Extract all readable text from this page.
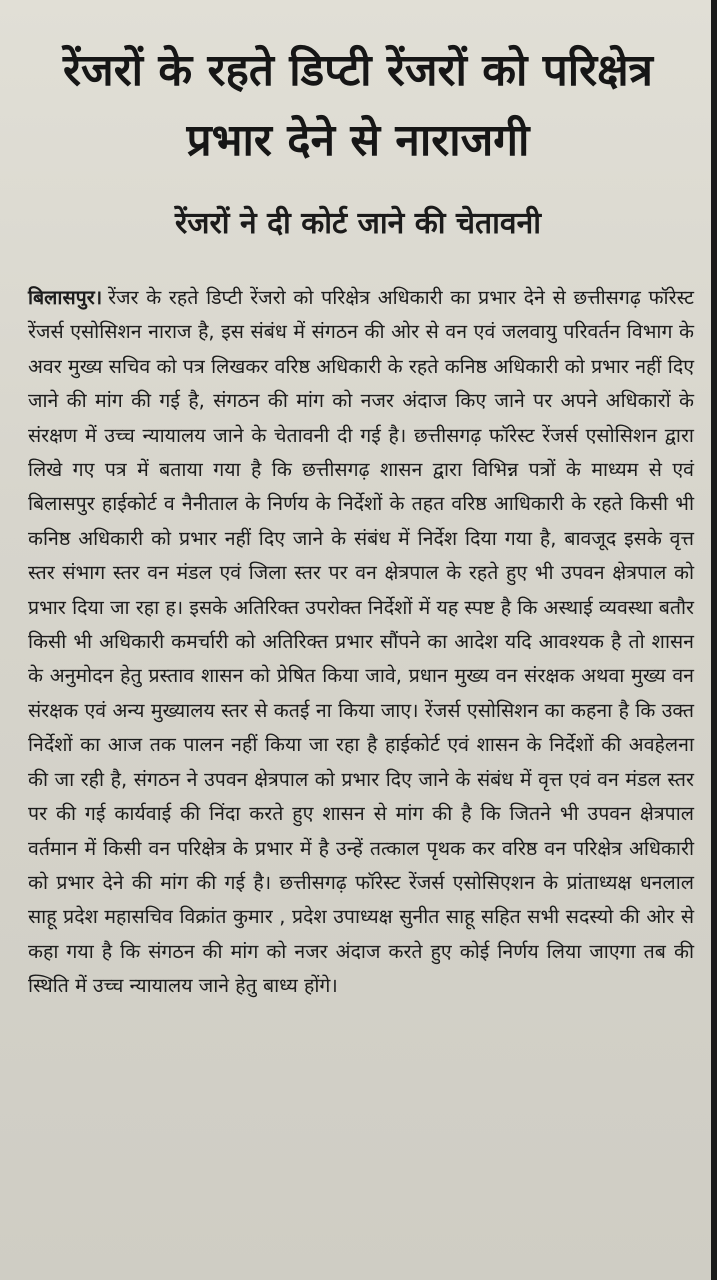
रेंजरों के रहते डिप्टी रेंजरों को परिक्षेत्र प्रभार देने से नाराजगी
रेंजरों ने दी कोर्ट जाने की चेतावनी

बिलासपुर। रेंजर के रहते डिप्टी रेंजरो को परिक्षेत्र अधिकारी का प्रभार देने से छत्तीसगढ़ फॉरेस्ट रेंजर्स एसोसिशन नाराज है, इस संबंध में संगठन की ओर से वन एवं जलवायु परिवर्तन विभाग के अवर मुख्य सचिव को पत्र लिखकर वरिष्ठ अधिकारी के रहते कनिष्ठ अधिकारी को प्रभार नहीं दिए जाने की मांग की गई है, संगठन की मांग को नजर अंदाज किए जाने पर अपने अधिकारों के संरक्षण में उच्च न्यायालय जाने के चेतावनी दी गई है। छत्तीसगढ़ फॉरेस्ट रेंजर्स एसोसिशन द्वारा लिखे गए पत्र में बताया गया है कि छत्तीसगढ़ शासन द्वारा विभिन्न पत्रों के माध्यम से एवं बिलासपुर हाईकोर्ट व नैनीताल के निर्णय के निर्देशों के तहत वरिष्ठ आधिकारी के रहते किसी भी कनिष्ठ अधिकारी को प्रभार नहीं दिए जाने के संबंध में निर्देश दिया गया है, बावजूद इसके वृत्त स्तर संभाग स्तर वन मंडल एवं जिला स्तर पर वन क्षेत्रपाल के रहते हुए भी उपवन क्षेत्रपाल को प्रभार दिया जा रहा ह। इसके अतिरिक्त उपरोक्त निर्देशों में यह स्पष्ट है कि अस्थाई व्यवस्था बतौर किसी भी अधिकारी कमर्चारी को अतिरिक्त प्रभार सौंपने का आदेश यदि आवश्यक है तो शासन के अनुमोदन हेतु प्रस्ताव शासन को प्रेषित किया जावे, प्रधान मुख्य वन संरक्षक अथवा मुख्य वन संरक्षक एवं अन्य मुख्यालय स्तर से कतई ना किया जाए। रेंजर्स एसोसिशन का कहना है कि उक्त निर्देशों का आज तक पालन नहीं किया जा रहा है हाईकोर्ट एवं शासन के निर्देशों की अवहेलना की जा रही है, संगठन ने उपवन क्षेत्रपाल को प्रभार दिए जाने के संबंध में वृत्त एवं वन मंडल स्तर पर की गई कार्यवाई की निंदा करते हुए शासन से मांग की है कि जितने भी उपवन क्षेत्रपाल वर्तमान में किसी वन परिक्षेत्र के प्रभार में है उन्हें तत्काल पृथक कर वरिष्ठ वन परिक्षेत्र अधिकारी को प्रभार देने की मांग की गई है। छत्तीसगढ़ फॉरेस्ट रेंजर्स एसोसिएशन के प्रांताध्यक्ष धनलाल साहू प्रदेश महासचिव विक्रांत कुमार , प्रदेश उपाध्यक्ष सुनीत साहू सहित सभी सदस्यो की ओर से कहा गया है कि संगठन की मांग को नजर अंदाज करते हुए कोई निर्णय लिया जाएगा तब की स्थिति में उच्च न्यायालय जाने हेतु बाध्य होंगे।
